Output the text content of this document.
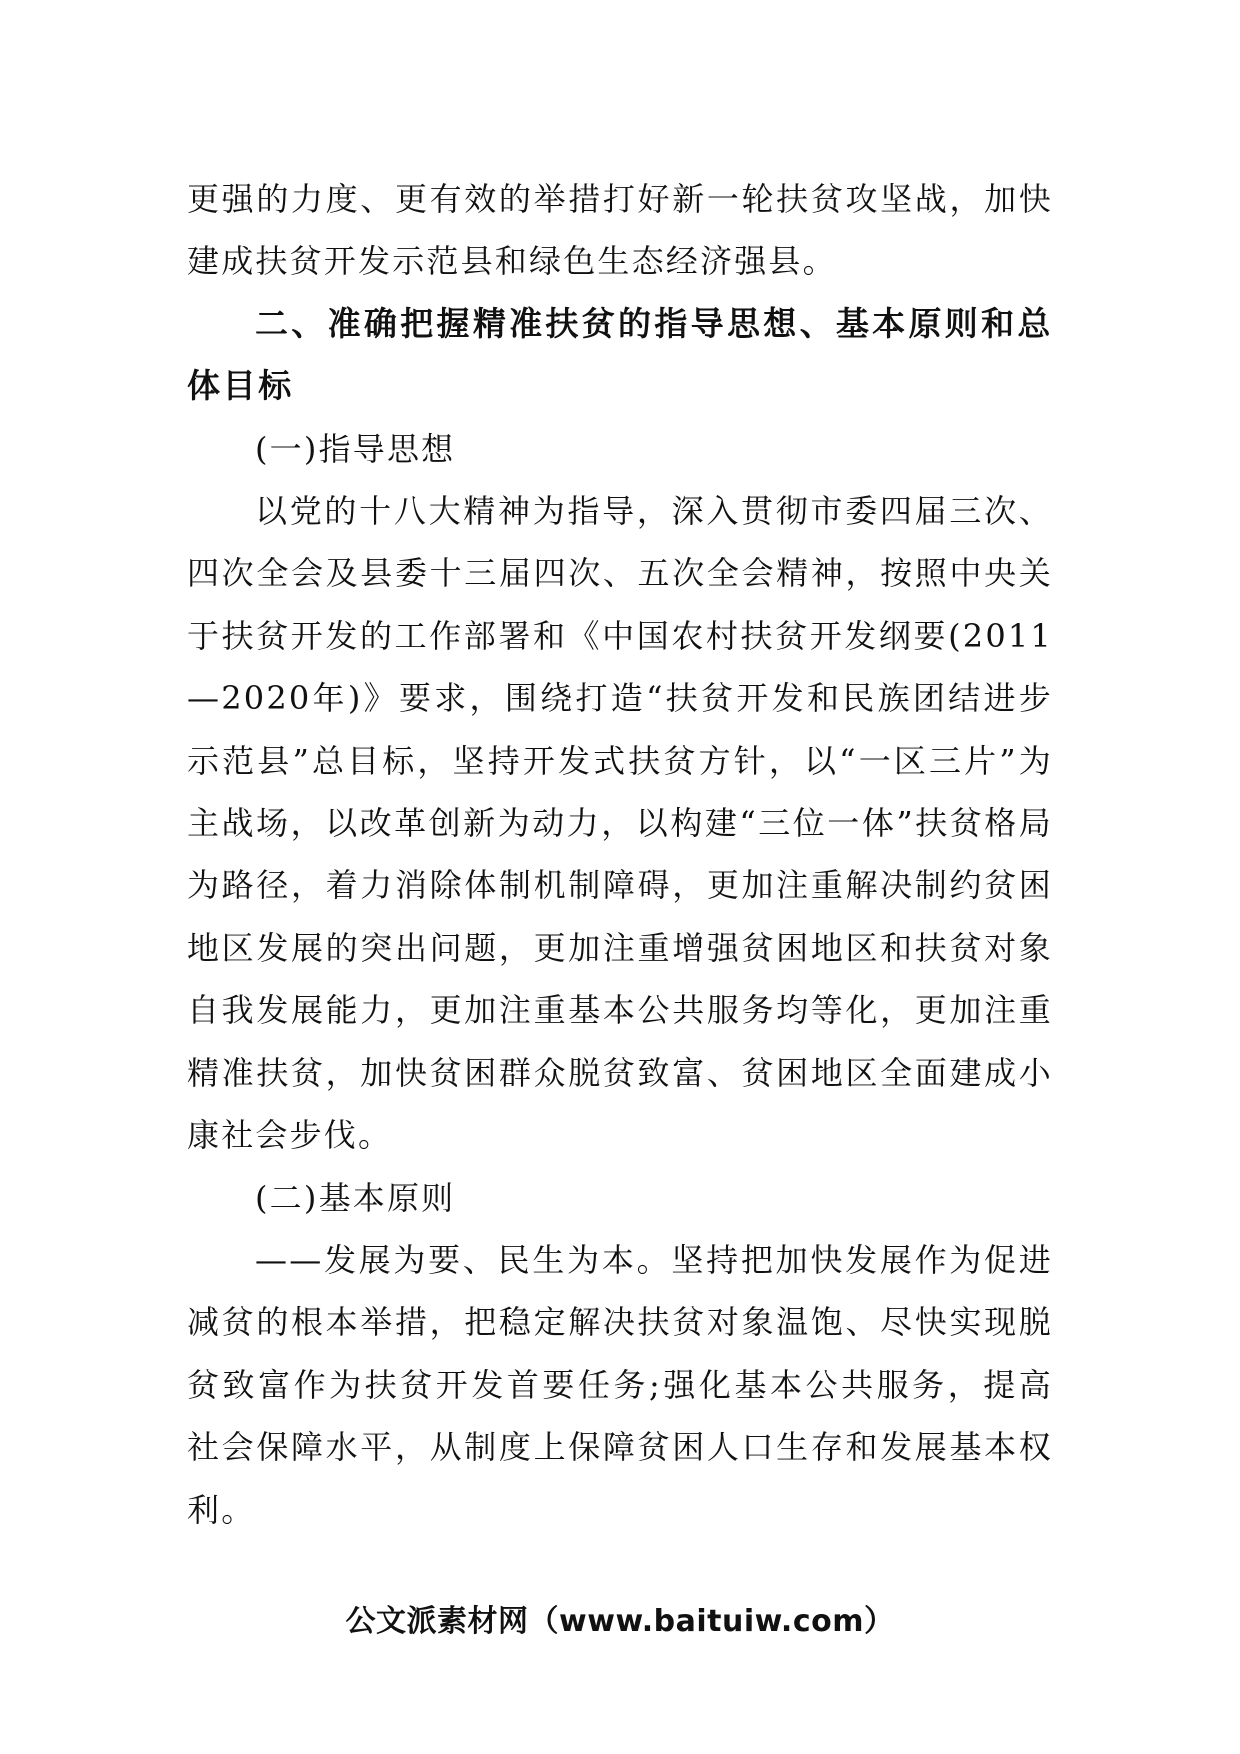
更强的力度、更有效的举措打好新一轮扶贫攻坚战，加快建成扶贫开发示范县和绿色生态经济强县。

二、准确把握精准扶贫的指导思想、基本原则和总体目标

(一)指导思想

以党的十八大精神为指导，深入贯彻市委四届三次、四次全会及县委十三届四次、五次全会精神，按照中央关于扶贫开发的工作部署和《中国农村扶贫开发纲要(2011—2020年)》要求，围绕打造“扶贫开发和民族团结进步示范县”总目标，坚持开发式扶贫方针，以“一区三片”为主战场，以改革创新为动力，以构建“三位一体”扶贫格局为路径，着力消除体制机制障碍，更加注重解决制约贫困地区发展的突出问题，更加注重增强贫困地区和扶贫对象自我发展能力，更加注重基本公共服务均等化，更加注重精准扶贫，加快贫困群众脱贫致富、贫困地区全面建成小康社会步伐。

(二)基本原则

——发展为要、民生为本。坚持把加快发展作为促进减贫的根本举措，把稳定解决扶贫对象温饱、尽快实现脱贫致富作为扶贫开发首要任务;强化基本公共服务，提高社会保障水平，从制度上保障贫困人口生存和发展基本权利。

公文派素材网（www.baituiw.com）
